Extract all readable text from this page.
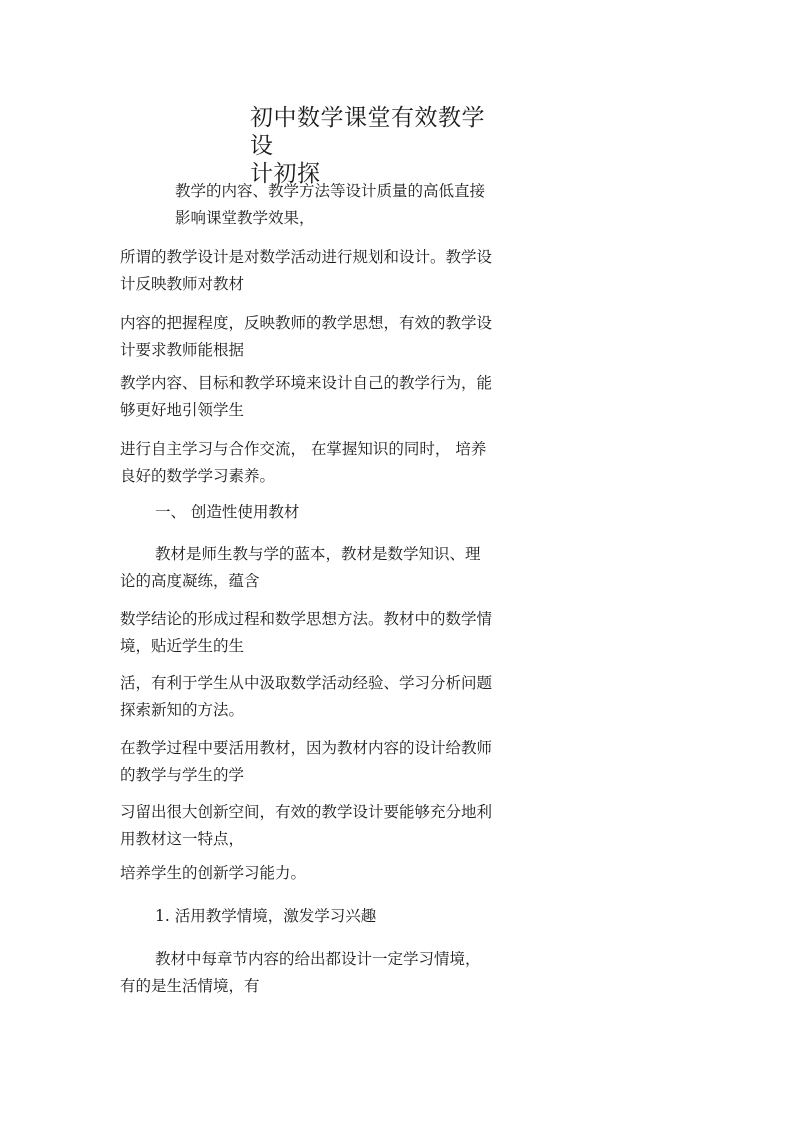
初中数学课堂有效教学设
计初探

教学的内容、教学方法等设计质量的高低直接
影响课堂教学效果，

所谓的教学设计是对数学活动进行规划和设计。教学设
计反映教师对教材

内容的把握程度，反映教师的教学思想，有效的教学设
计要求教师能根据

教学内容、目标和教学环境来设计自己的教学行为，能
够更好地引领学生

进行自主学习与合作交流， 在掌握知识的同时， 培养
良好的数学学习素养。

一、 创造性使用教材

教材是师生教与学的蓝本，教材是数学知识、理
论的高度凝练，蕴含

数学结论的形成过程和数学思想方法。教材中的数学情
境，贴近学生的生

活，有利于学生从中汲取数学活动经验、学习分析问题
探索新知的方法。

在教学过程中要活用教材，因为教材内容的设计给教师
的教学与学生的学

习留出很大创新空间，有效的教学设计要能够充分地利
用教材这一特点，

培养学生的创新学习能力。

1. 活用教学情境，激发学习兴趣

教材中每章节内容的给出都设计一定学习情境，
有的是生活情境，有
